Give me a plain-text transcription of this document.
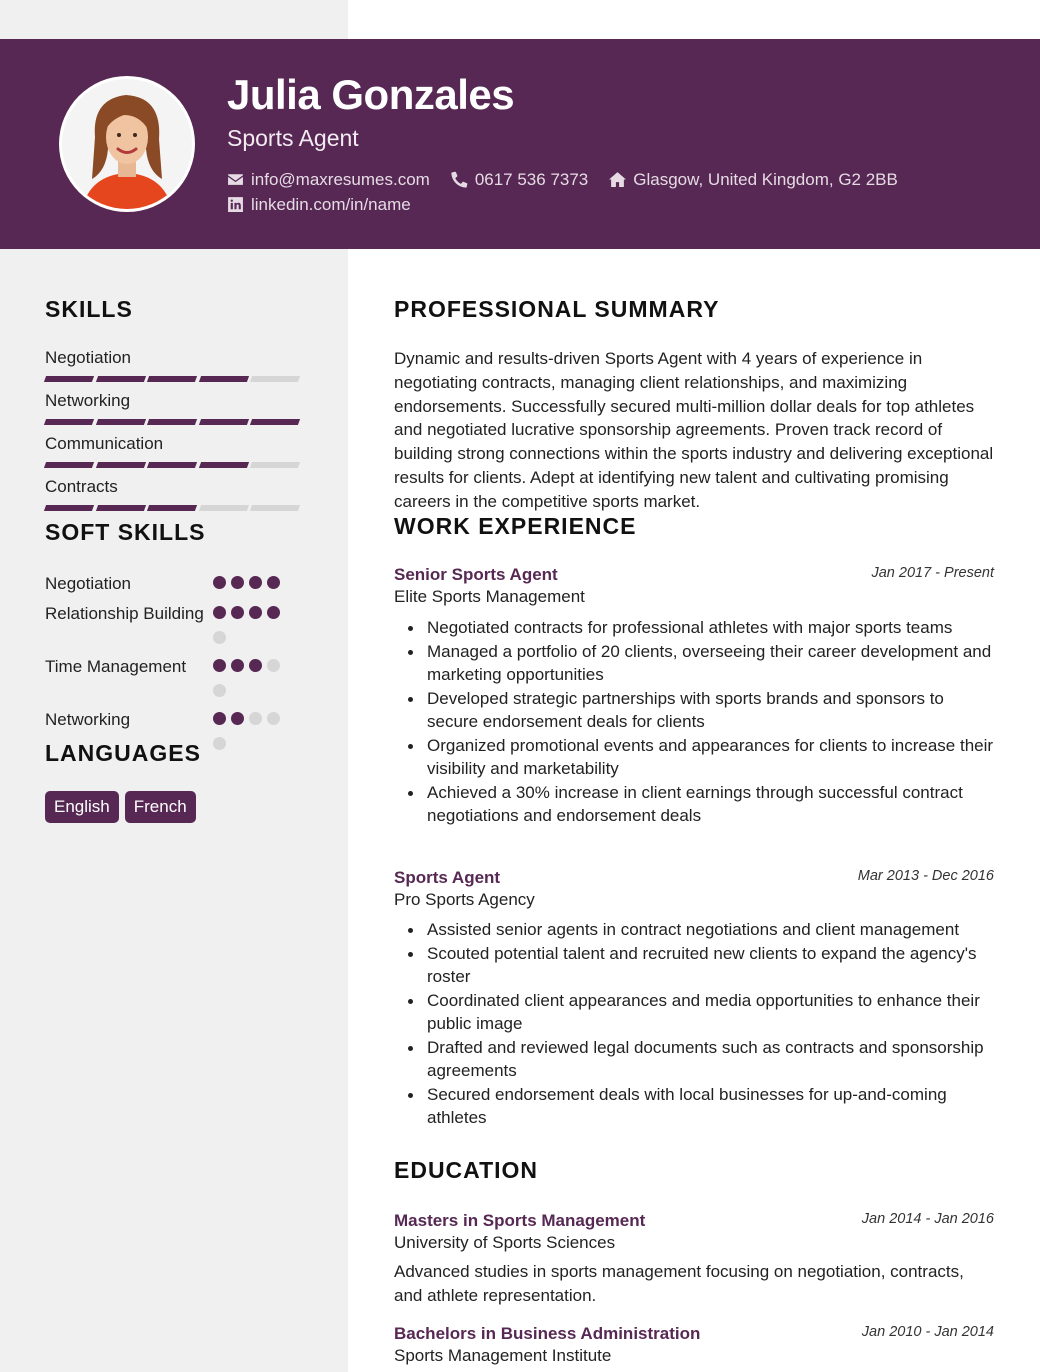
Julia Gonzales
Sports Agent
info@maxresumes.com	0617 536 7373	Glasgow, United Kingdom, G2 2BB
linkedin.com/in/name
SKILLS
Negotiation
Networking
Communication
Contracts
SOFT SKILLS
Negotiation
Relationship Building
Time Management
Networking
LANGUAGES
English	French
PROFESSIONAL SUMMARY
Dynamic and results-driven Sports Agent with 4 years of experience in negotiating contracts, managing client relationships, and maximizing endorsements. Successfully secured multi-million dollar deals for top athletes and negotiated lucrative sponsorship agreements. Proven track record of building strong connections within the sports industry and delivering exceptional results for clients. Adept at identifying new talent and cultivating promising careers in the competitive sports market.
WORK EXPERIENCE
Senior Sports Agent	Jan 2017 - Present
Elite Sports Management
Negotiated contracts for professional athletes with major sports teams
Managed a portfolio of 20 clients, overseeing their career development and marketing opportunities
Developed strategic partnerships with sports brands and sponsors to secure endorsement deals for clients
Organized promotional events and appearances for clients to increase their visibility and marketability
Achieved a 30% increase in client earnings through successful contract negotiations and endorsement deals
Sports Agent	Mar 2013 - Dec 2016
Pro Sports Agency
Assisted senior agents in contract negotiations and client management
Scouted potential talent and recruited new clients to expand the agency's roster
Coordinated client appearances and media opportunities to enhance their public image
Drafted and reviewed legal documents such as contracts and sponsorship agreements
Secured endorsement deals with local businesses for up-and-coming athletes
EDUCATION
Masters in Sports Management	Jan 2014 - Jan 2016
University of Sports Sciences
Advanced studies in sports management focusing on negotiation, contracts, and athlete representation.
Bachelors in Business Administration	Jan 2010 - Jan 2014
Sports Management Institute
